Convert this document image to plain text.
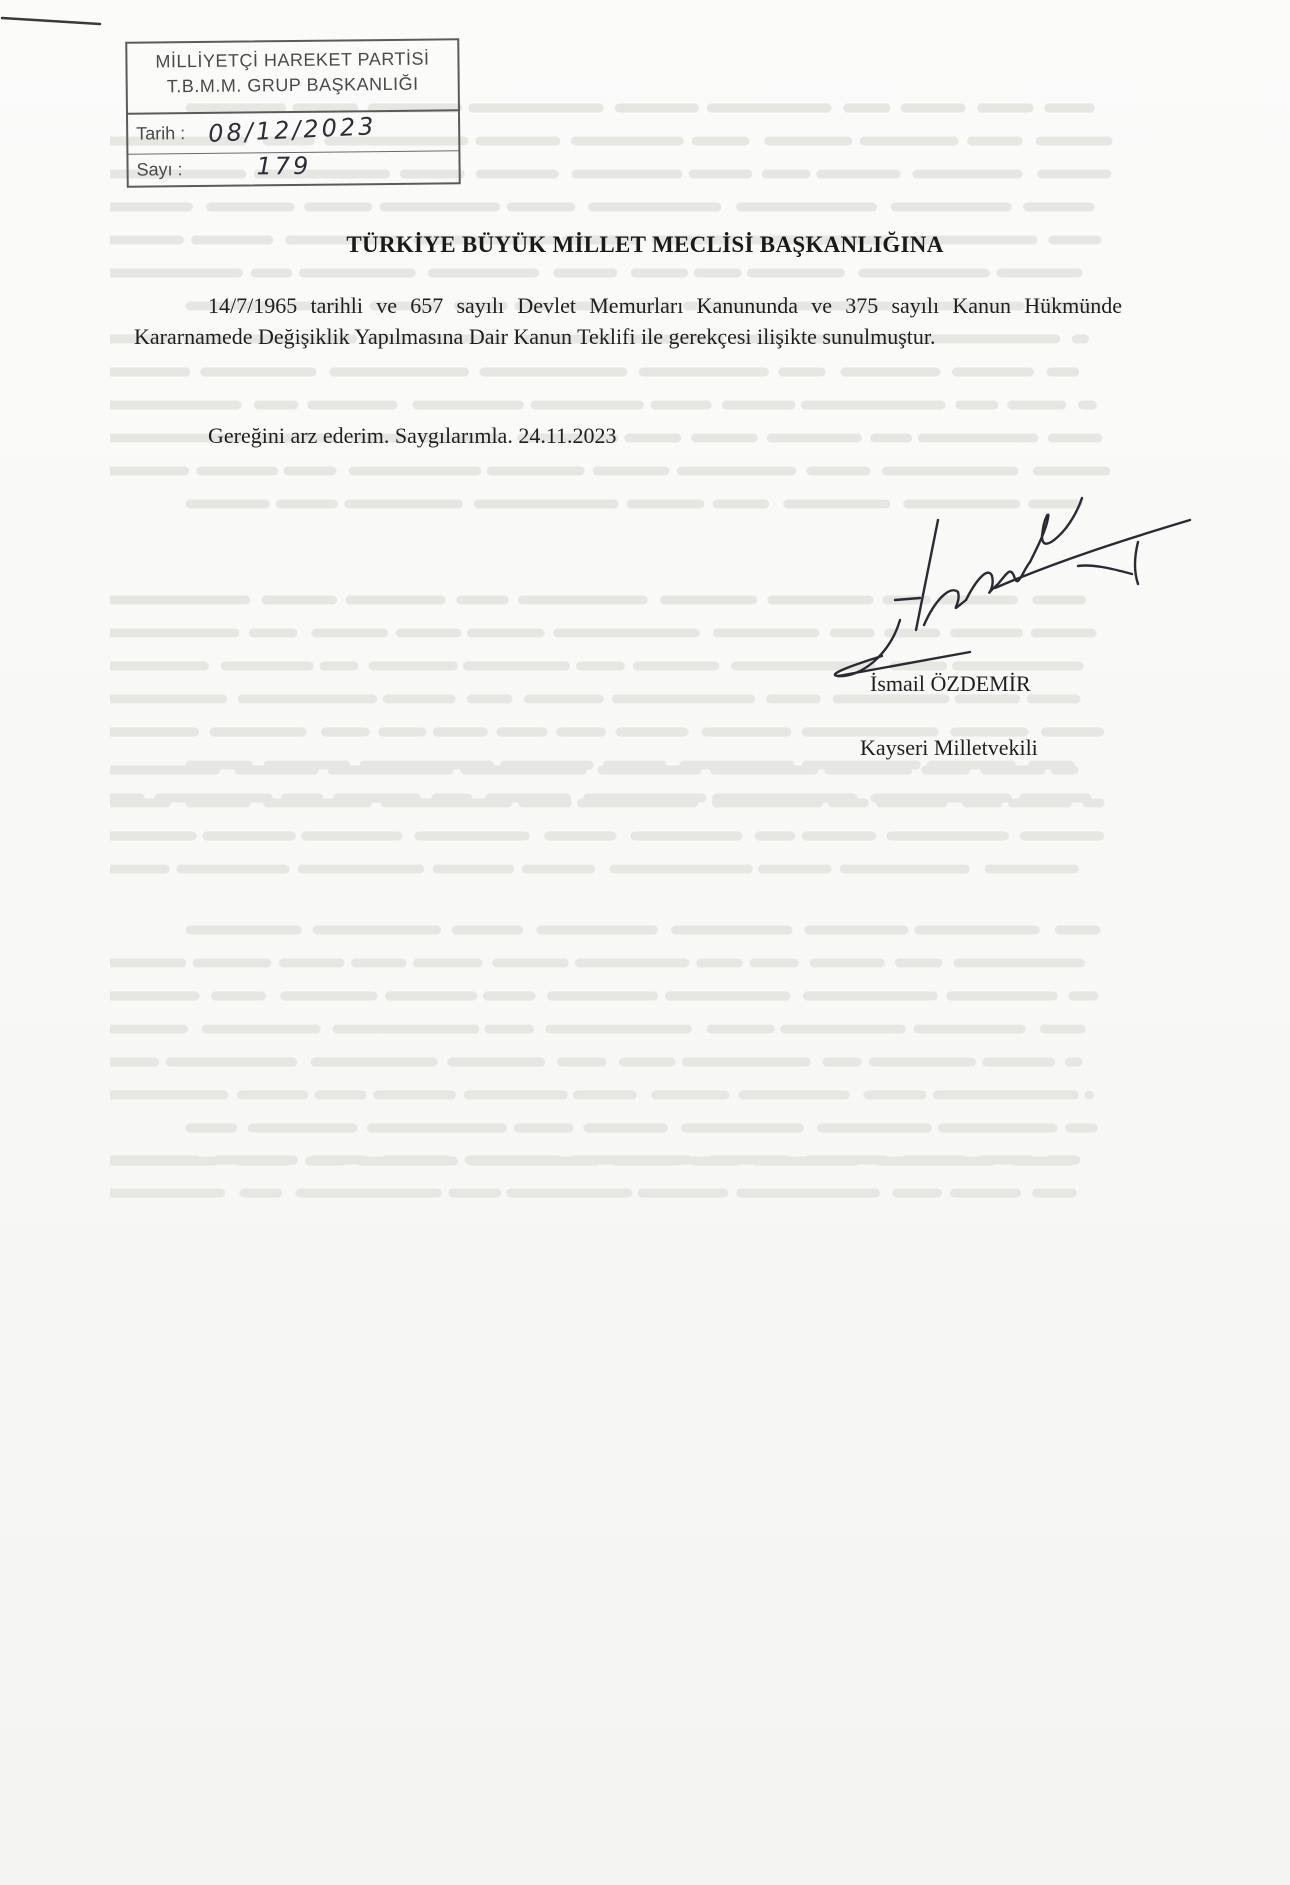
MİLLİYETÇİ HAREKET PARTİSİ
T.B.M.M. GRUP BAŞKANLIĞI
Tarih : 08/12/2023
Sayı :	179
TÜRKİYE BÜYÜK MİLLET MECLİSİ BAŞKANLIĞINA
14/7/1965 tarihli ve 657 sayılı Devlet Memurları Kanununda ve 375 sayılı Kanun Hükmünde Kararnamede Değişiklik Yapılmasına Dair Kanun Teklifi ile gerekçesi ilişikte sunulmuştur.
Gereğini arz ederim. Saygılarımla. 24.11.2023
İsmail ÖZDEMİR
Kayseri Milletvekili
